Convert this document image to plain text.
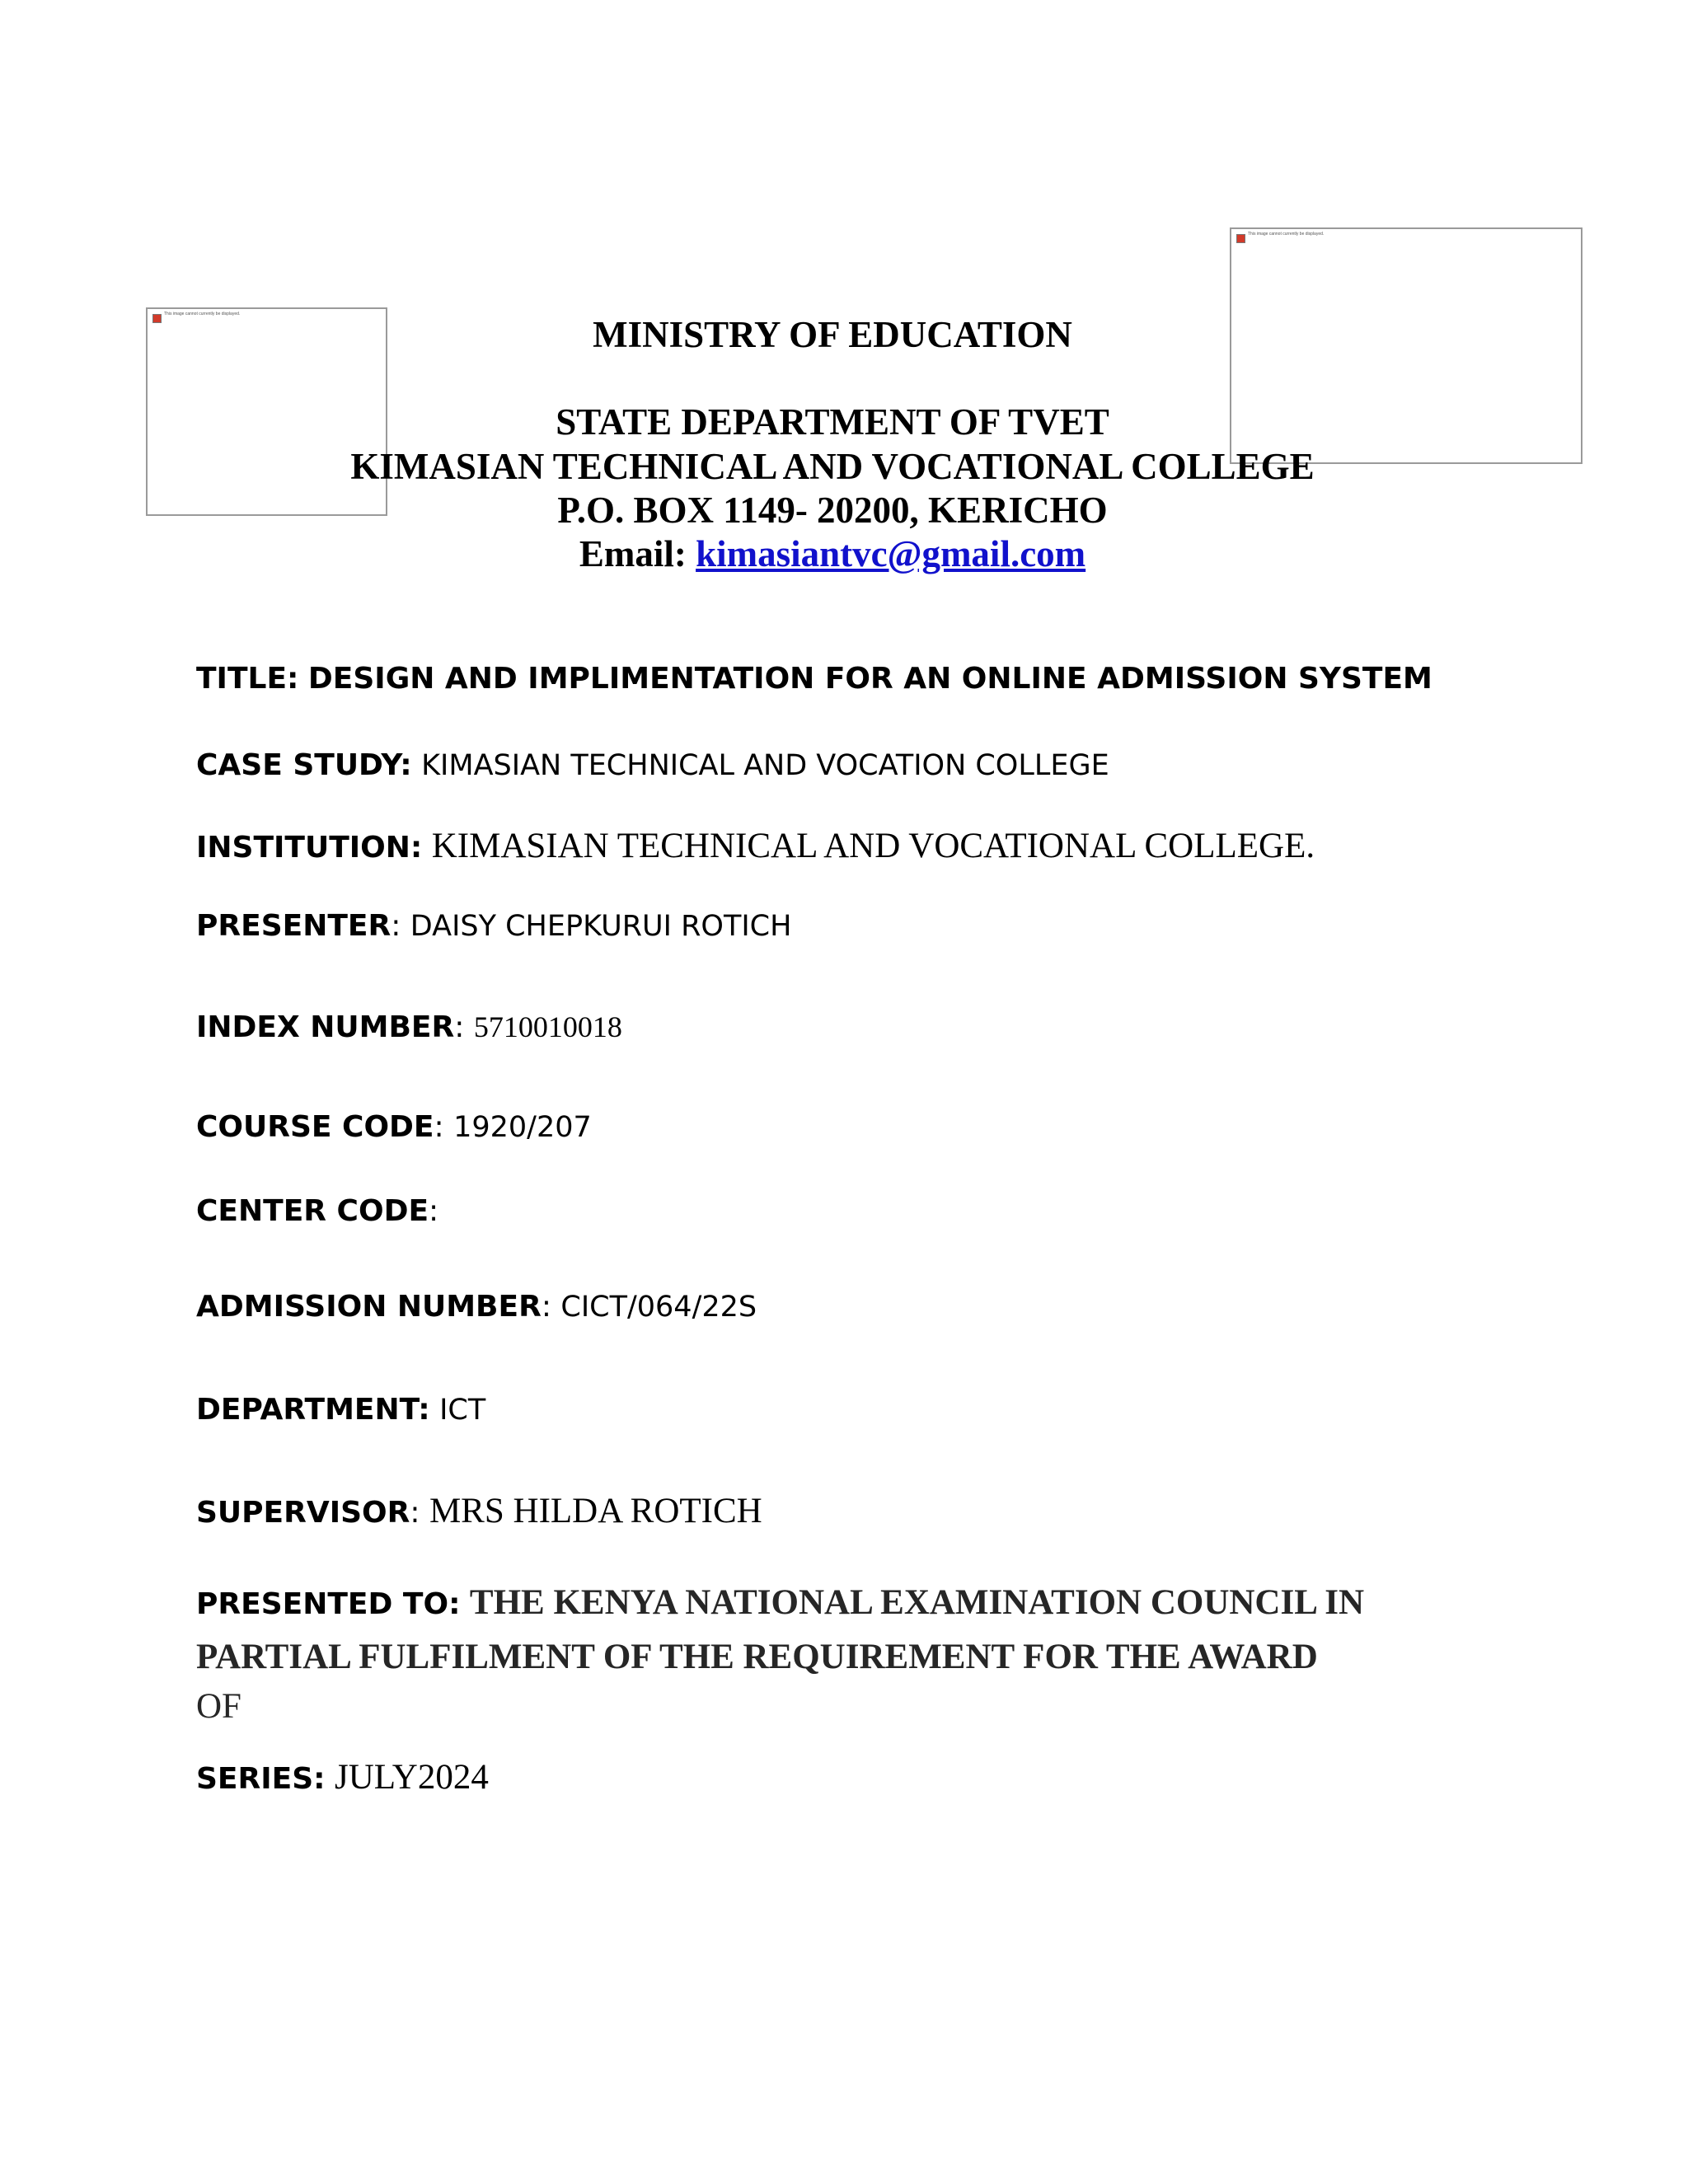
This image cannot currently be displayed.
This image cannot currently be displayed.
MINISTRY OF EDUCATION
STATE DEPARTMENT OF TVET
KIMASIAN TECHNICAL AND VOCATIONAL COLLEGE
P.O. BOX 1149- 20200, KERICHO
Email: kimasiantvc@gmail.com
TITLE: DESIGN AND IMPLIMENTATION FOR AN ONLINE ADMISSION SYSTEM
CASE STUDY: KIMASIAN TECHNICAL AND VOCATION COLLEGE
INSTITUTION: KIMASIAN TECHNICAL AND VOCATIONAL COLLEGE.
PRESENTER: DAISY CHEPKURUI ROTICH
INDEX NUMBER: 5710010018
COURSE CODE: 1920/207
CENTER CODE:
ADMISSION NUMBER: CICT/064/22S
DEPARTMENT: ICT
SUPERVISOR: MRS HILDA ROTICH
PRESENTED TO: THE KENYA NATIONAL EXAMINATION COUNCIL IN
PARTIAL FULFILMENT OF THE REQUIREMENT FOR THE AWARD
OF
SERIES: JULY2024
